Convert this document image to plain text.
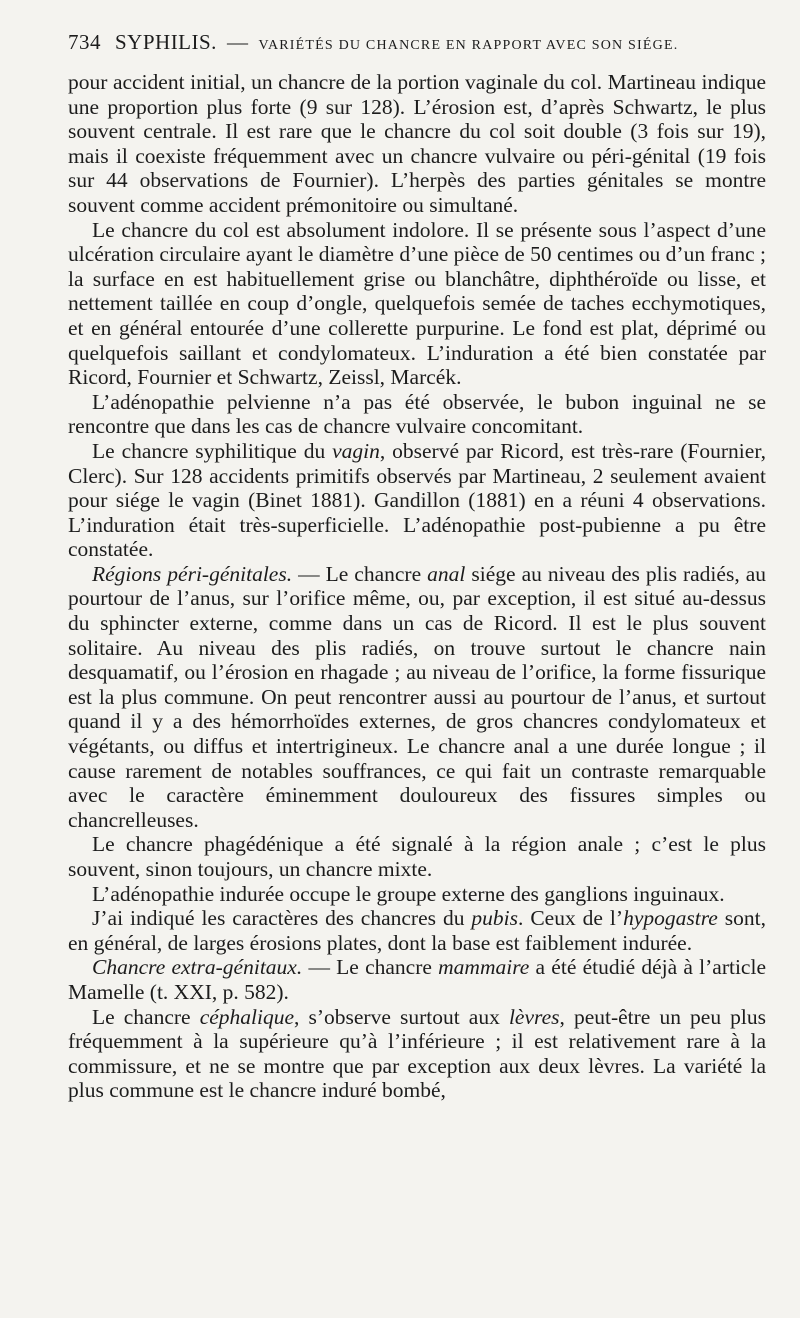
734 SYPHILIS. — VARIÉTÉS DU CHANCRE EN RAPPORT AVEC SON SIÉGE.

pour accident initial, un chancre de la portion vaginale du col. Martineau indique une proportion plus forte (9 sur 128). L’érosion est, d’après Schwartz, le plus souvent centrale. Il est rare que le chancre du col soit double (3 fois sur 19), mais il coexiste fréquemment avec un chancre vulvaire ou péri-génital (19 fois sur 44 observations de Fournier). L’herpès des parties génitales se montre souvent comme accident prémonitoire ou simultané.

Le chancre du col est absolument indolore. Il se présente sous l’aspect d’une ulcération circulaire ayant le diamètre d’une pièce de 50 centimes ou d’un franc ; la surface en est habituellement grise ou blanchâtre, diphthéroïde ou lisse, et nettement taillée en coup d’ongle, quelquefois semée de taches ecchymotiques, et en général entourée d’une collerette purpurine. Le fond est plat, déprimé ou quelquefois saillant et condylomateux. L’induration a été bien constatée par Ricord, Fournier et Schwartz, Zeissl, Marcék.

L’adénopathie pelvienne n’a pas été observée, le bubon inguinal ne se rencontre que dans les cas de chancre vulvaire concomitant.

Le chancre syphilitique du vagin, observé par Ricord, est très-rare (Fournier, Clerc). Sur 128 accidents primitifs observés par Martineau, 2 seulement avaient pour siége le vagin (Binet 1881). Gandillon (1881) en a réuni 4 observations. L’induration était très-superficielle. L’adénopathie post-pubienne a pu être constatée.

Régions péri-génitales. — Le chancre anal siége au niveau des plis radiés, au pourtour de l’anus, sur l’orifice même, ou, par exception, il est situé au-dessus du sphincter externe, comme dans un cas de Ricord. Il est le plus souvent solitaire. Au niveau des plis radiés, on trouve surtout le chancre nain desquamatif, ou l’érosion en rhagade ; au niveau de l’orifice, la forme fissurique est la plus commune. On peut rencontrer aussi au pourtour de l’anus, et surtout quand il y a des hémorrhoïdes externes, de gros chancres condylomateux et végétants, ou diffus et intertrigineux. Le chancre anal a une durée longue ; il cause rarement de notables souffrances, ce qui fait un contraste remarquable avec le caractère éminemment douloureux des fissures simples ou chancrelleuses.

Le chancre phagédénique a été signalé à la région anale ; c’est le plus souvent, sinon toujours, un chancre mixte.

L’adénopathie indurée occupe le groupe externe des ganglions inguinaux.

J’ai indiqué les caractères des chancres du pubis. Ceux de l’hypogastre sont, en général, de larges érosions plates, dont la base est faiblement indurée.

Chancre extra-génitaux. — Le chancre mammaire a été étudié déjà à l’article Mamelle (t. XXI, p. 582).

Le chancre céphalique, s’observe surtout aux lèvres, peut-être un peu plus fréquemment à la supérieure qu’à l’inférieure ; il est relativement rare à la commissure, et ne se montre que par exception aux deux lèvres. La variété la plus commune est le chancre induré bombé,
